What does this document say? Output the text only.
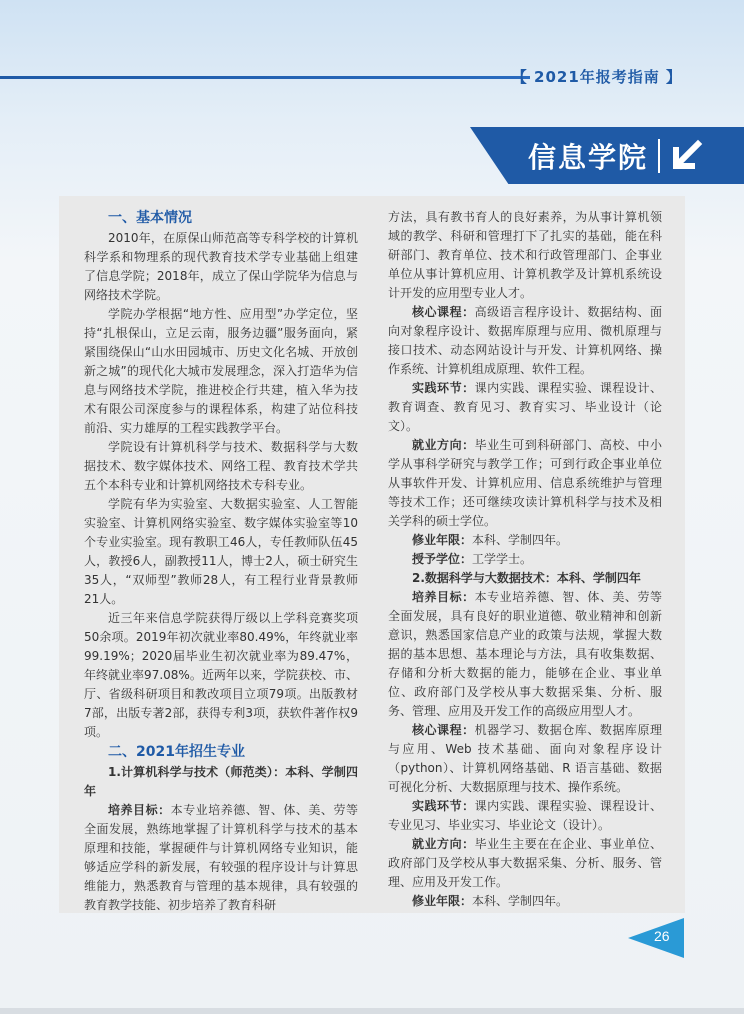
【 2021年报考指南 】
信息学院
一、基本情况

2010年，在原保山师范高等专科学校的计算机科学系和物理系的现代教育技术学专业基础上组建了信息学院；2018年，成立了保山学院华为信息与网络技术学院。

学院办学根据“地方性、应用型”办学定位，坚持“扎根保山，立足云南，服务边疆”服务面向，紧紧围绕保山“山水田园城市、历史文化名城、开放创新之城”的现代化大城市发展理念，深入打造华为信息与网络技术学院，推进校企行共建，植入华为技术有限公司深度参与的课程体系，构建了站位科技前沿、实力雄厚的工程实践教学平台。

学院设有计算机科学与技术、数据科学与大数据技术、数字媒体技术、网络工程、教育技术学共五个本科专业和计算机网络技术专科专业。

学院有华为实验室、大数据实验室、人工智能实验室、计算机网络实验室、数字媒体实验室等10个专业实验室。现有教职工46人，专任教师队伍45人，教授6人，副教授11人，博士2人，硕士研究生35人，“双师型”教师28人，有工程行业背景教师21人。

近三年来信息学院获得厅级以上学科竞赛奖项50余项。2019年初次就业率80.49%，年终就业率99.19%；2020届毕业生初次就业率为89.47%，年终就业率97.08%。近两年以来，学院获校、市、厅、省级科研项目和教改项目立项79项。出版教材7部，出版专著2部，获得专利3项，获软件著作权9项。

二、2021年招生专业

1.计算机科学与技术（师范类）：本科、学制四年

培养目标：本专业培养德、智、体、美、劳等全面发展，熟练地掌握了计算机科学与技术的基本原理和技能，掌握硬件与计算机网络专业知识，能够适应学科的新发展，有较强的程序设计与计算思维能力，熟悉教育与管理的基本规律，具有较强的教育教学技能、初步培养了教育科研

方法，具有教书育人的良好素养，为从事计算机领域的教学、科研和管理打下了扎实的基础，能在科研部门、教育单位、技术和行政管理部门、企事业单位从事计算机应用、计算机教学及计算机系统设计开发的应用型专业人才。

核心课程：高级语言程序设计、数据结构、面向对象程序设计、数据库原理与应用、微机原理与接口技术、动态网站设计与开发、计算机网络、操作系统、计算机组成原理、软件工程。

实践环节：课内实践、课程实验、课程设计、教育调查、教育见习、教育实习、毕业设计（论文）。

就业方向：毕业生可到科研部门、高校、中小学从事科学研究与教学工作；可到行政企事业单位从事软件开发、计算机应用、信息系统维护与管理等技术工作；还可继续攻读计算机科学与技术及相关学科的硕士学位。

修业年限：本科、学制四年。

授予学位：工学学士。

2.数据科学与大数据技术：本科、学制四年

培养目标：本专业培养德、智、体、美、劳等全面发展，具有良好的职业道德、敬业精神和创新意识，熟悉国家信息产业的政策与法规，掌握大数据的基本思想、基本理论与方法，具有收集数据、存储和分析大数据的能力，能够在企业、事业单位、政府部门及学校从事大数据采集、分析、服务、管理、应用及开发工作的高级应用型人才。

核心课程：机器学习、数据仓库、数据库原理与应用、Web 技术基础、面向对象程序设计（python）、计算机网络基础、R 语言基础、数据可视化分析、大数据原理与技术、操作系统。

实践环节：课内实践、课程实验、课程设计、专业见习、毕业实习、毕业论文（设计）。

就业方向：毕业生主要在在企业、事业单位、政府部门及学校从事大数据采集、分析、服务、管理、应用及开发工作。

修业年限：本科、学制四年。

26
